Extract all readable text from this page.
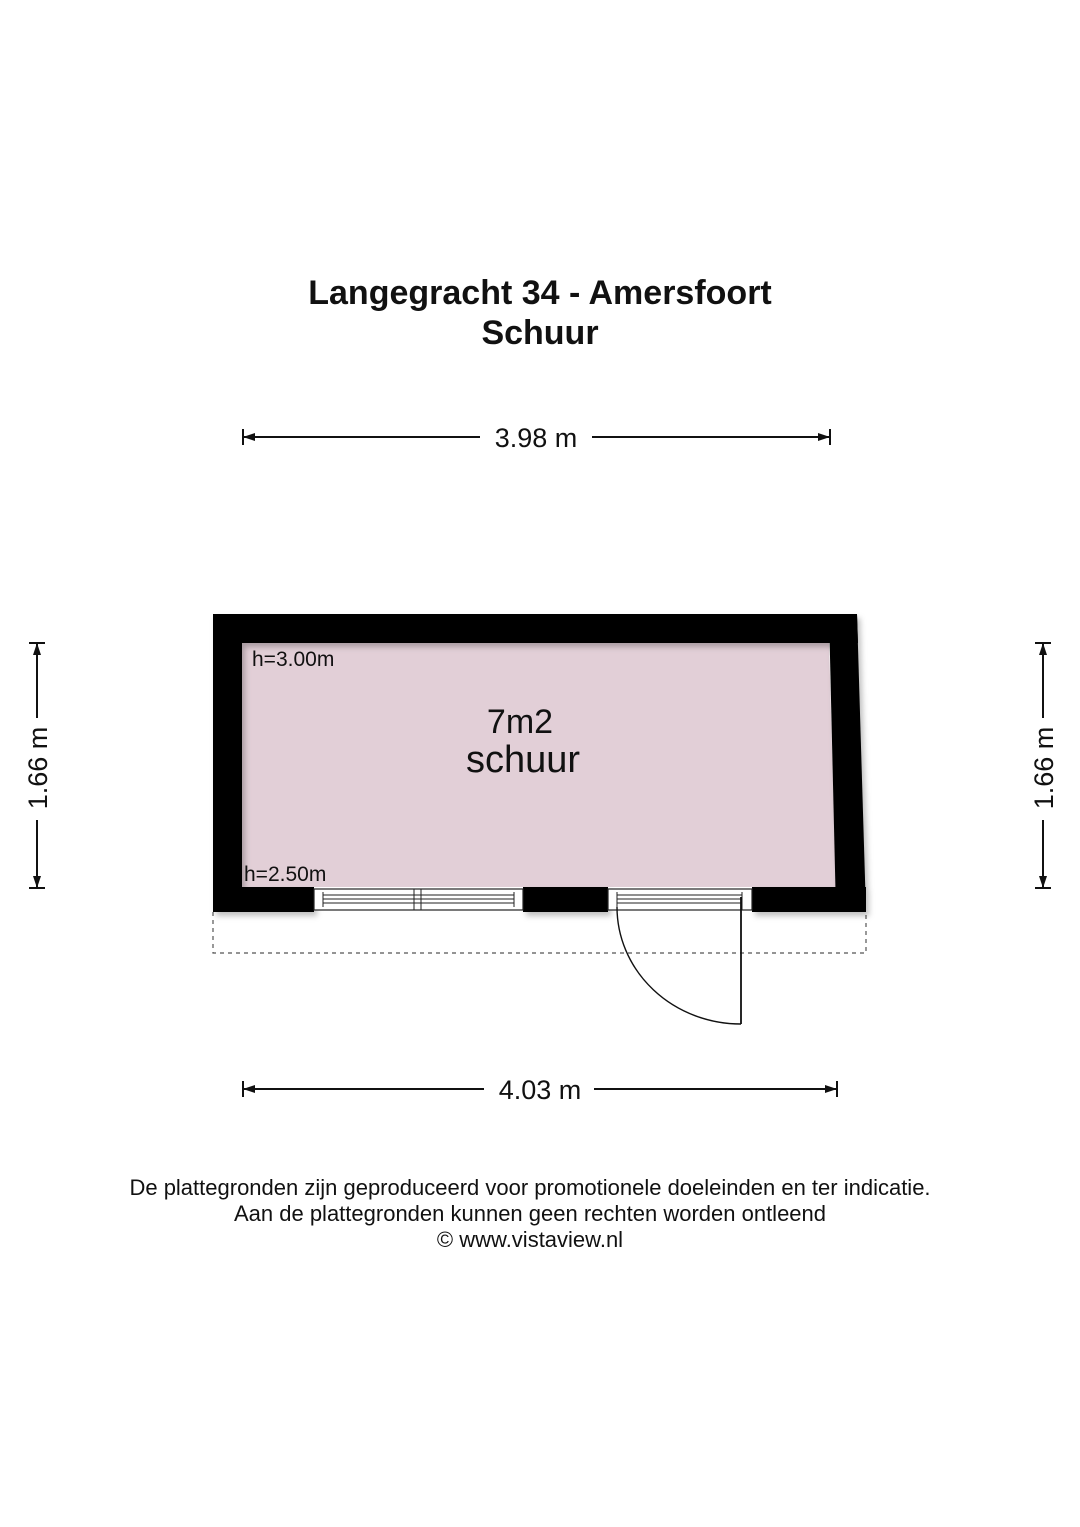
Langegracht 34 - Amersfoort
Schuur
3.98 m
4.03 m
1.66 m	1.66 m
h=3.00m
h=2.50m
7m2
schuur
De plattegronden zijn geproduceerd voor promotionele doeleinden en ter indicatie.
Aan de plattegronden kunnen geen rechten worden ontleend
© www.vistaview.nl
